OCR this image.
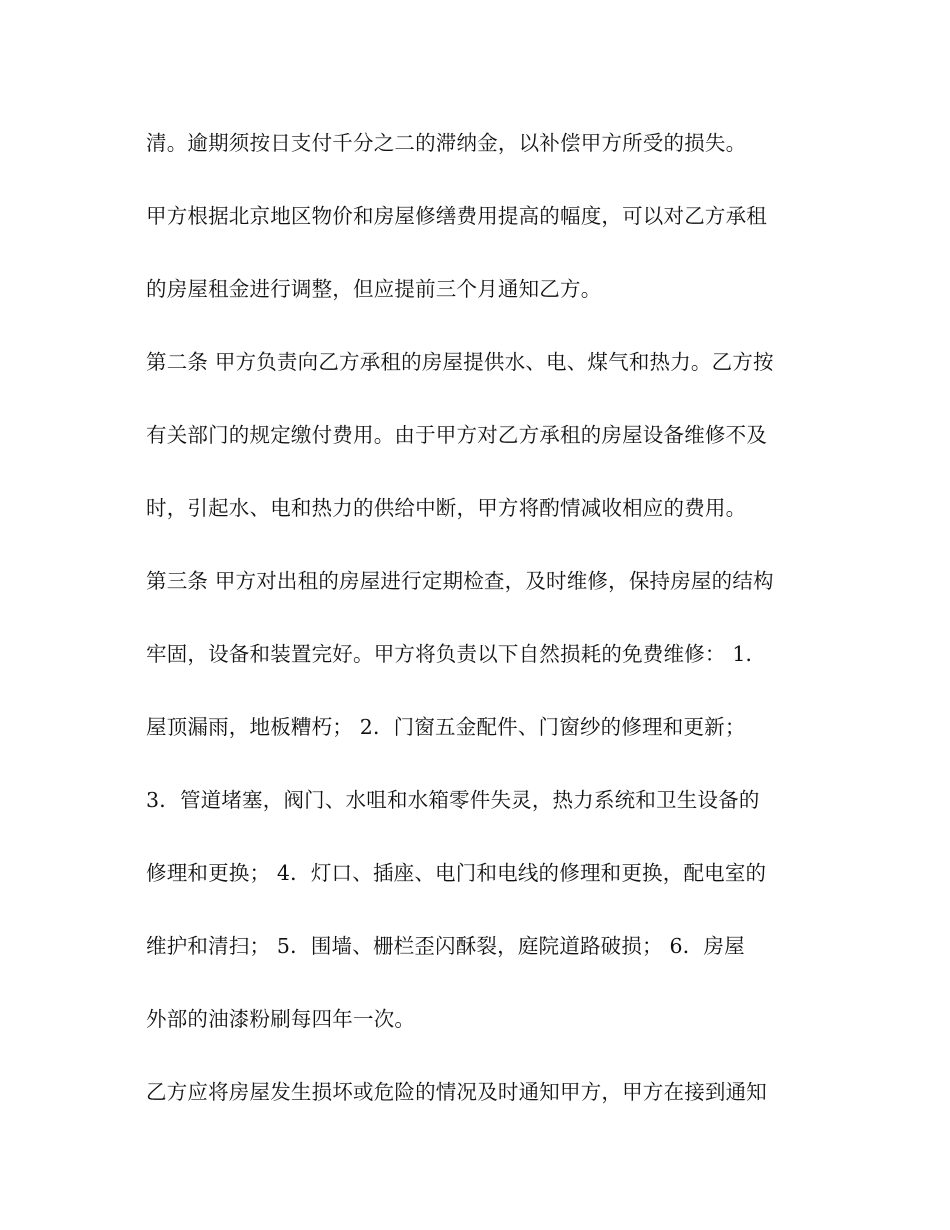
清。逾期须按日支付千分之二的滞纳金，以补偿甲方所受的损失。
甲方根据北京地区物价和房屋修缮费用提高的幅度，可以对乙方承租
的房屋租金进行调整，但应提前三个月通知乙方。
第二条 甲方负责向乙方承租的房屋提供水、电、煤气和热力。乙方按
有关部门的规定缴付费用。由于甲方对乙方承租的房屋设备维修不及
时，引起水、电和热力的供给中断，甲方将酌情减收相应的费用。
第三条 甲方对出租的房屋进行定期检查，及时维修，保持房屋的结构
牢固，设备和装置完好。甲方将负责以下自然损耗的免费维修： 1．
屋顶漏雨，地板糟朽； 2．门窗五金配件、门窗纱的修理和更新；
3．管道堵塞，阀门、水咀和水箱零件失灵，热力系统和卫生设备的
修理和更换； 4．灯口、插座、电门和电线的修理和更换，配电室的
维护和清扫； 5．围墙、栅栏歪闪酥裂，庭院道路破损； 6．房屋
外部的油漆粉刷每四年一次。
乙方应将房屋发生损坏或危险的情况及时通知甲方，甲方在接到通知
